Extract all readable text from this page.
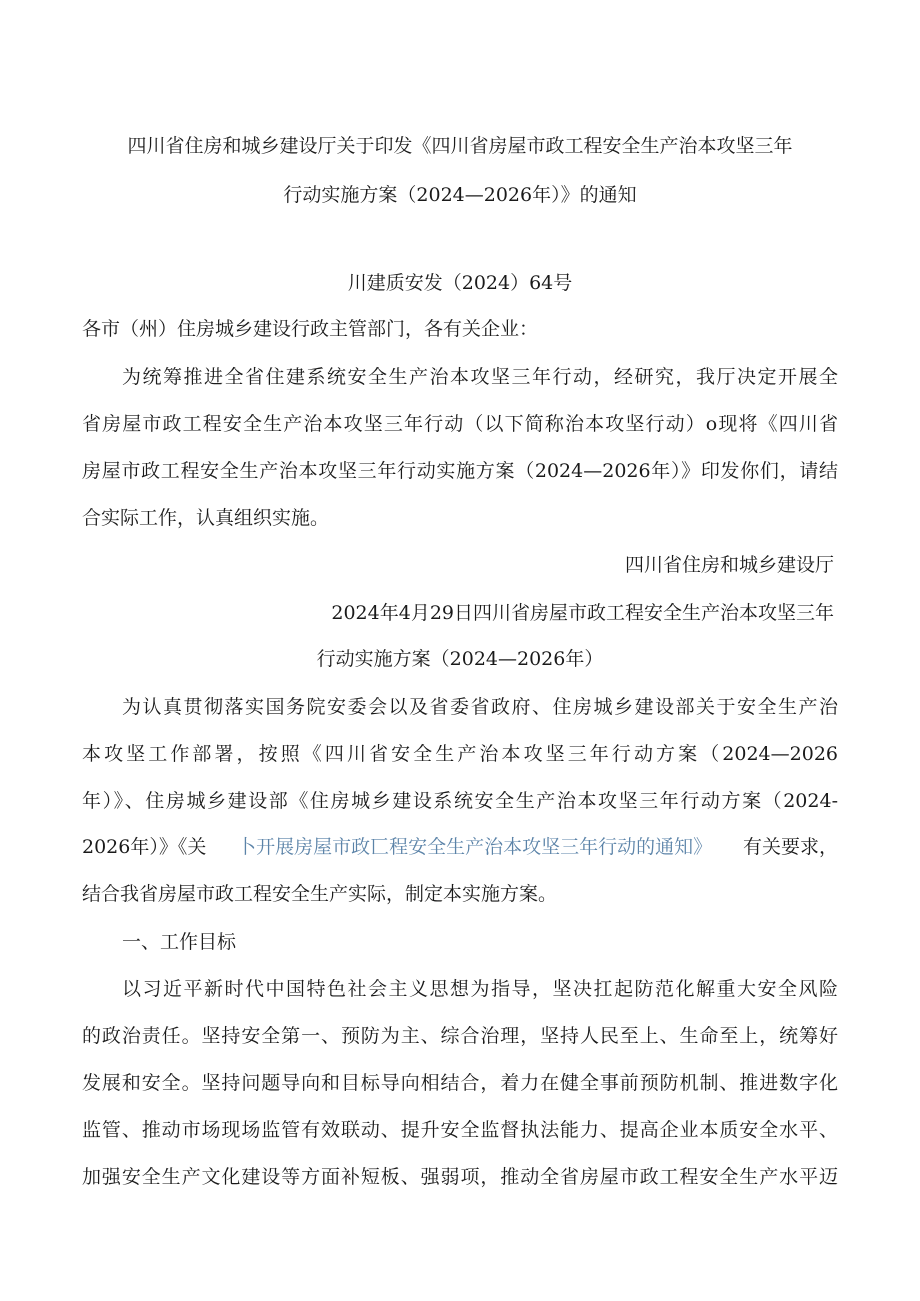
四川省住房和城乡建设厅关于印发《四川省房屋市政工程安全生产治本攻坚三年
行动实施方案（2024—2026年）》的通知
川建质安发（2024）64号
各市（州）住房城乡建设行政主管部门，各有关企业：
为统筹推进全省住建系统安全生产治本攻坚三年行动，经研究，我厅决定开展全
省房屋市政工程安全生产治本攻坚三年行动（以下简称治本攻坚行动）o现将《四川省
房屋市政工程安全生产治本攻坚三年行动实施方案（2024—2026年）》印发你们，请结
合实际工作，认真组织实施。
四川省住房和城乡建设厅
2024年4月29日四川省房屋市政工程安全生产治本攻坚三年
行动实施方案（2024—2026年）
为认真贯彻落实国务院安委会以及省委省政府、住房城乡建设部关于安全生产治
本攻坚工作部署，按照《四川省安全生产治本攻坚三年行动方案（2024—2026
年）》、住房城乡建设部《住房城乡建设系统安全生产治本攻坚三年行动方案（2024-
2026年）》《关 卜开展房屋市政匸程安全生产治本攻坚三年行动的通知》 有关要求，
结合我省房屋市政工程安全生产实际，制定本实施方案。
一、工作目标
以习近平新时代中国特色社会主义思想为指导，坚决扛起防范化解重大安全风险
的政治责任。坚持安全第一、预防为主、综合治理，坚持人民至上、生命至上，统筹好
发展和安全。坚持问题导向和目标导向相结合，着力在健全事前预防机制、推进数字化
监管、推动市场现场监管有效联动、提升安全监督执法能力、提高企业本质安全水平、
加强安全生产文化建设等方面补短板、强弱项，推动全省房屋市政工程安全生产水平迈
